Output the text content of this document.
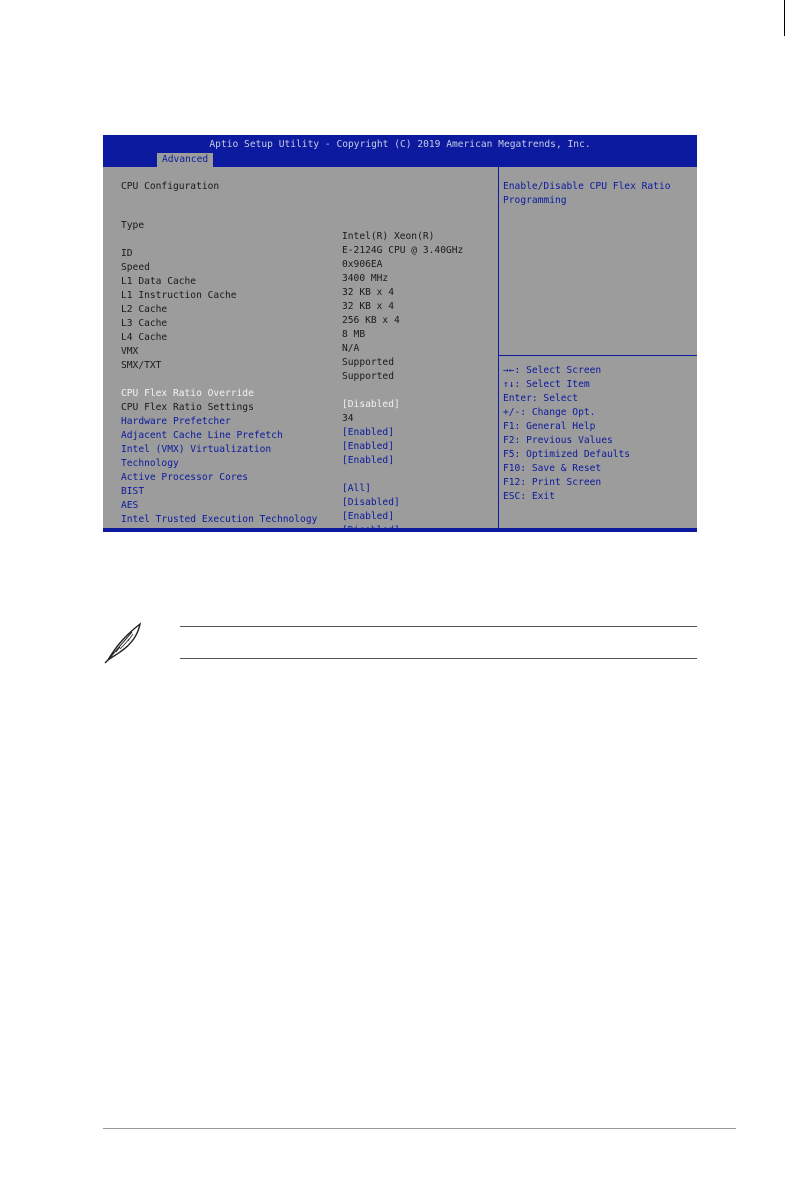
Aptio Setup Utility - Copyright (C) 2019 American Megatrends, Inc.
Advanced
CPU Configuration

Type

Intel(R) Xeon(R)

E-2124G CPU @ 3.40GHz

ID

0x906EA

Speed

3400 MHz

L1 Data Cache

32 KB x 4

L1 Instruction Cache

32 KB x 4

L2 Cache

256 KB x 4

L3 Cache

8 MB

L4 Cache

N/A

VMX

Supported

SMX/TXT

Supported

CPU Flex Ratio Override

[Disabled]

CPU Flex Ratio Settings

34

Hardware Prefetcher

[Enabled]

Adjacent Cache Line Prefetch

[Enabled]

Intel (VMX) Virtualization

[Enabled]

Technology

Active Processor Cores

[All]

BIST

[Disabled]

AES

[Enabled]

Intel Trusted Execution Technology

Enable/Disable CPU Flex Ratio
Programming
→←: Select Screen
↑↓: Select Item
Enter: Select
+/-: Change Opt.
F1: General Help
F2: Previous Values
F5: Optimized Defaults
F10: Save & Reset
F12: Print Screen
ESC: Exit
